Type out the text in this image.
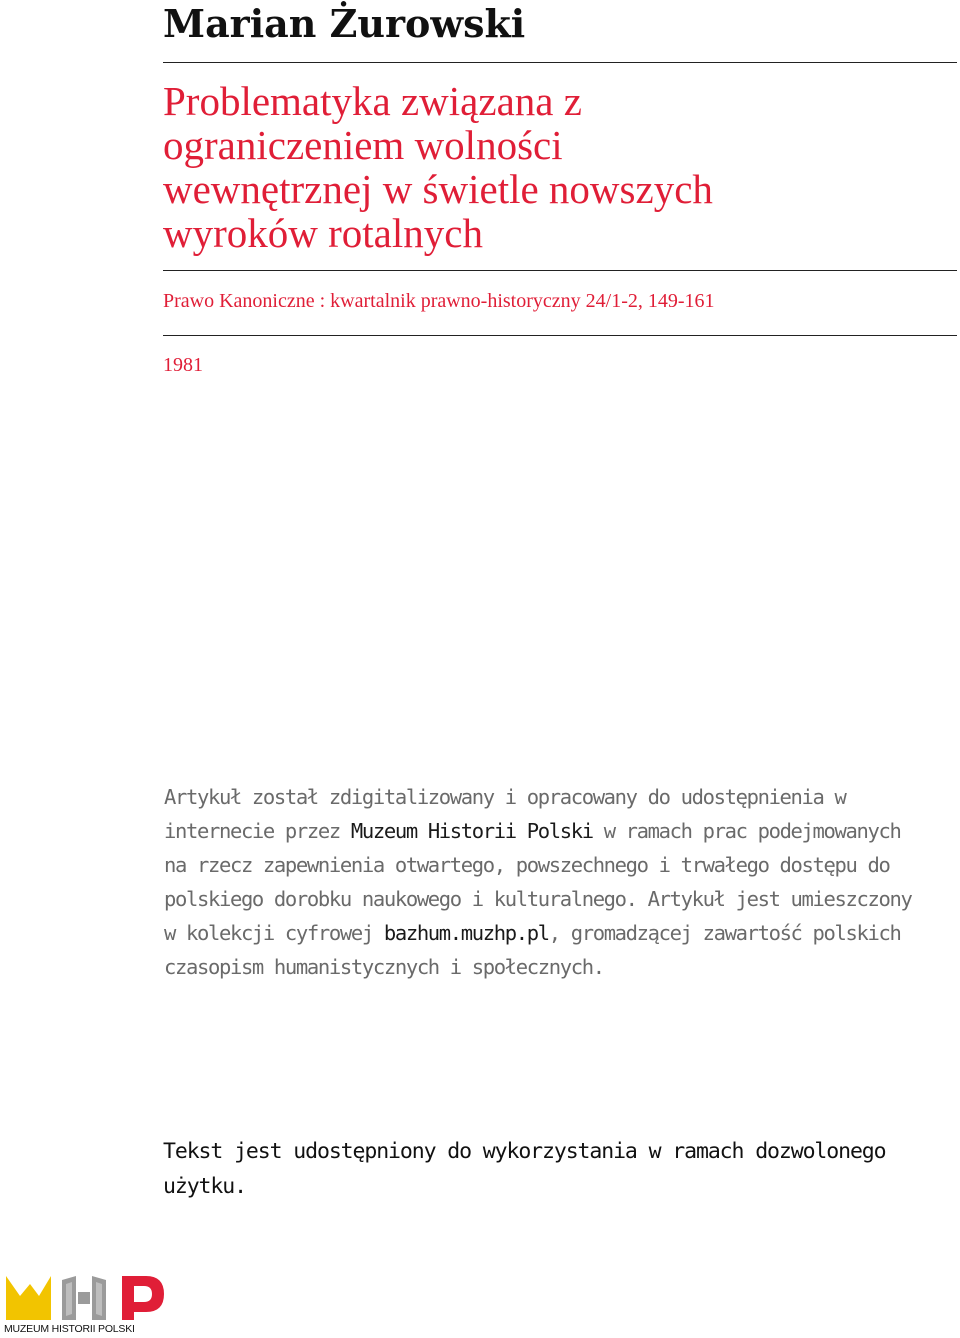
Marian Żurowski
Problematyka związana z
ograniczeniem wolności
wewnętrznej w świetle nowszych
wyroków rotalnych
Prawo Kanoniczne : kwartalnik prawno-historyczny 24/1-2, 149-161
1981

Artykuł został zdigitalizowany i opracowany do udostępnienia w internecie przez Muzeum Historii Polski w ramach prac podejmowanych na rzecz zapewnienia otwartego, powszechnego i trwałego dostępu do polskiego dorobku naukowego i kulturalnego. Artykuł jest umieszczony w kolekcji cyfrowej bazhum.muzhp.pl, gromadzącej zawartość polskich czasopism humanistycznych i społecznych.

Tekst jest udostępniony do wykorzystania w ramach dozwolonego użytku.

MUZEUM HISTORII POLSKI
